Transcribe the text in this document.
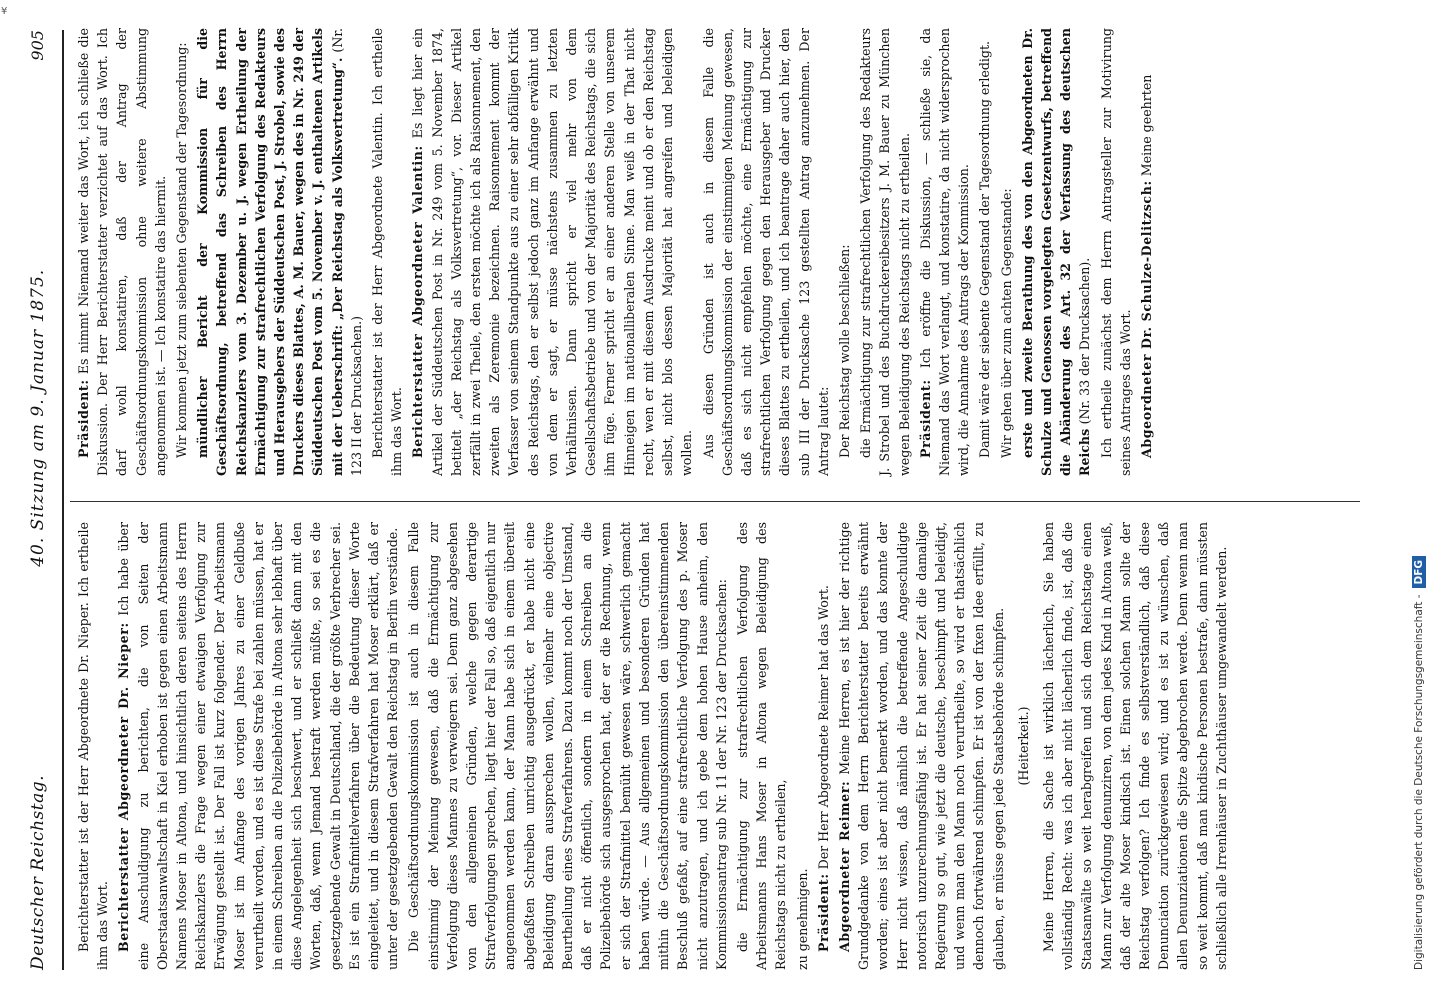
¥
Deutscher Reichstag.
40. Sitzung am 9. Januar 1875.
905

Berichterstatter ist der Herr Abgeordnete Dr. Nieper. Ich ertheile ihm das Wort. Berichterstatter Abgeordneter Dr. Nieper: Ich habe über eine Anschuldigung zu berichten, die von Seiten der Oberstaatsanwaltschaft in Kiel erhoben ist gegen einen Arbeitsmann Namens Moser in Altona, und hinsichtlich deren seitens des Herrn Reichskanzlers die Frage wegen einer etwaigen Verfolgung zur Erwägung gestellt ist. Der Fall ist kurz folgender. Der Arbeitsmann Moser ist im Anfange des vorigen Jahres zu einer Geldbuße verurtheilt worden, und es ist diese Strafe bei zahlen müssen, hat er in einem Schreiben an die Polizeibehörde in Altona sehr lebhaft über diese Angelegenheit sich beschwert, und er schließt dann mit den Worten, daß, wenn Jemand bestraft werden müßte, so sei es die gesetzgebende Gewalt in Deutschland, die der größte Verbrecher sei. Es ist ein Strafmittelverfahren über die Bedeutung dieser Worte eingeleitet, und in diesem Strafverfahren hat Moser erklärt, daß er unter der gesetzgebenden Gewalt den Reichstag in Berlin verstände. Die Geschäftsordnungskommission ist auch in diesem Falle einstimmig der Meinung gewesen, daß die Ermächtigung zur Verfolgung dieses Mannes zu verweigern sei. Denn ganz abgesehen von den allgemeinen Gründen, welche gegen derartige Strafverfolgungen sprechen, liegt hier der Fall so, daß eigentlich nur angenommen werden kann, der Mann habe sich in einem übereilt abgefaßten Schreiben unrichtig ausgedrückt, er habe nicht eine Beleidigung daran aussprechen wollen, vielmehr eine objective Beurtheilung eines Strafverfahrens. Dazu kommt noch der Umstand, daß er nicht öffentlich, sondern in einem Schreiben an die Polizeibehörde sich ausgesprochen hat, der er die Rechnung, wenn er sich der Strafmittel bemüht gewesen wäre, schwerlich gemacht haben würde. — Aus allgemeinen und besonderen Gründen hat mithin die Geschäftsordnungskommission den übereinstimmenden Beschluß gefaßt, auf eine strafrechtliche Verfolgung des p. Moser nicht anzutragen, und ich gebe dem hohen Hause anheim, den Kommissionsantrag sub Nr. 11 der Nr. 123 der Drucksachen: die Ermächtigung zur strafrechtlichen Verfolgung des Arbeitsmanns Hans Moser in Altona wegen Beleidigung des Reichstags nicht zu ertheilen, zu genehmigen. Präsident: Der Herr Abgeordnete Reimer hat das Wort. Abgeordneter Reimer: Meine Herren, es ist hier der richtige Grundgedanke von dem Herrn Berichterstatter bereits erwähnt worden; eines ist aber nicht bemerkt worden, und das konnte der Herr nicht wissen, daß nämlich die betreffende Angeschuldigte notorisch unzurechnungsfähig ist. Er hat seiner Zeit die damalige Regierung so gut, wie jetzt die deutsche, beschimpft und beleidigt, und wenn man den Mann noch verurtheilte, so wird er thatsächlich dennoch fortwährend schimpfen. Er ist von der fixen Idee erfüllt, zu glauben, er müsse gegen jede Staatsbehörde schimpfen. (Heiterkeit.) Meine Herren, die Sache ist wirklich lächerlich, Sie haben vollständig Recht: was ich aber nicht lächerlich finde, ist, daß die Staatsanwälte so weit herabgreifen und sich dem Reichstage einen Mann zur Verfolgung denunziren, von dem jedes Kind in Altona weiß, daß der alte Moser kindisch ist. Einen solchen Mann sollte der Reichstag verfolgen? Ich finde es selbstverständlich, daß diese Denunciation zurückgewiesen wird; und es ist zu wünschen, daß allen Denunziationen die Spitze abgebrochen werde. Denn wenn man so weit kommt, daß man kindische Personen bestrafe, dann müssten schließlich alle Irrenhäuser in Zuchthäuser umgewandelt werden.

Präsident: Es nimmt Niemand weiter das Wort, ich schließe die Diskussion. Der Herr Berichterstatter verzichtet auf das Wort. Ich darf wohl konstatiren, daß der Antrag der Geschäftsordnungskommission ohne weitere Abstimmung angenommen ist. — Ich konstatire das hiermit. Wir kommen jetzt zum siebenten Gegenstand der Tagesordnung: mündlicher Bericht der Kommission für die Geschäftsordnung, betreffend das Schreiben des Herrn Reichskanzlers vom 3. Dezember u. J. wegen Ertheilung der Ermächtigung zur strafrechtlichen Verfolgung des Redakteurs und Herausgebers der Süddeutschen Post, J. Strobel, sowie des Druckers dieses Blattes, A. M. Bauer, wegen des in Nr. 249 der Süddeutschen Post vom 5. November v. J. enthaltenen Artikels mit der Ueberschrift: „Der Reichstag als Volksvertretung“. (Nr. 123 II der Drucksachen.) Berichterstatter ist der Herr Abgeordnete Valentin. Ich ertheile ihm das Wort. Berichterstatter Abgeordneter Valentin: Es liegt hier ein Artikel der Süddeutschen Post in Nr. 249 vom 5. November 1874, betitelt „der Reichstag als Volksvertretung“, vor. Dieser Artikel zerfällt in zwei Theile, den ersten möchte ich als Raisonnement, den zweiten als Zeremonie bezeichnen. Raisonnement kommt der Verfasser von seinem Standpunkte aus zu einer sehr abfälligen Kritik des Reichstags, den er selbst jedoch ganz im Anfange erwähnt und von dem er sagt, er müsse nächstens zusammen zu letzten Verhältnissen. Dann spricht er viel mehr von dem Gesellschaftsbetriebe und von der Majorität des Reichstags, die sich ihm füge. Ferner spricht er an einer anderen Stelle von unserem Hinneigen im nationalliberalen Sinne. Man weiß in der That nicht recht, wen er mit diesem Ausdrucke meint und ob er den Reichstag selbst, nicht blos dessen Majorität hat angreifen und beleidigen wollen. Aus diesen Gründen ist auch in diesem Falle die Geschäftsordnungskommission der einstimmigen Meinung gewesen, daß es sich nicht empfehlen möchte, eine Ermächtigung zur strafrechtlichen Verfolgung gegen den Herausgeber und Drucker dieses Blattes zu ertheilen, und ich beantrage daher auch hier, den sub III der Drucksache 123 gestellten Antrag anzunehmen. Der Antrag lautet: Der Reichstag wolle beschließen: die Ermächtigung zur strafrechtlichen Verfolgung des Redakteurs J. Strobel und des Buchdruckereibesitzers J. M. Bauer zu München wegen Beleidigung des Reichstags nicht zu ertheilen. Präsident: Ich eröffne die Diskussion, — schließe sie, da Niemand das Wort verlangt, und konstatire, da nicht widersprochen wird, die Annahme des Antrags der Kommission. Damit wäre der siebente Gegenstand der Tagesordnung erledigt. Wir gehen über zum achten Gegenstande: erste und zweite Berathung des von den Abgeordneten Dr. Schulze und Genossen vorgelegten Gesetzentwurfs, betreffend die Abänderung des Art. 32 der Verfassung des deutschen Reichs (Nr. 33 der Drucksachen). Ich ertheile zunächst dem Herrn Antragsteller zur Motivirung seines Antrages das Wort. Abgeordneter Dr. Schulze-Delitzsch: Meine geehrten

Digitalisierung gefördert durch die Deutsche Forschungsgemeinschaft -DFG
